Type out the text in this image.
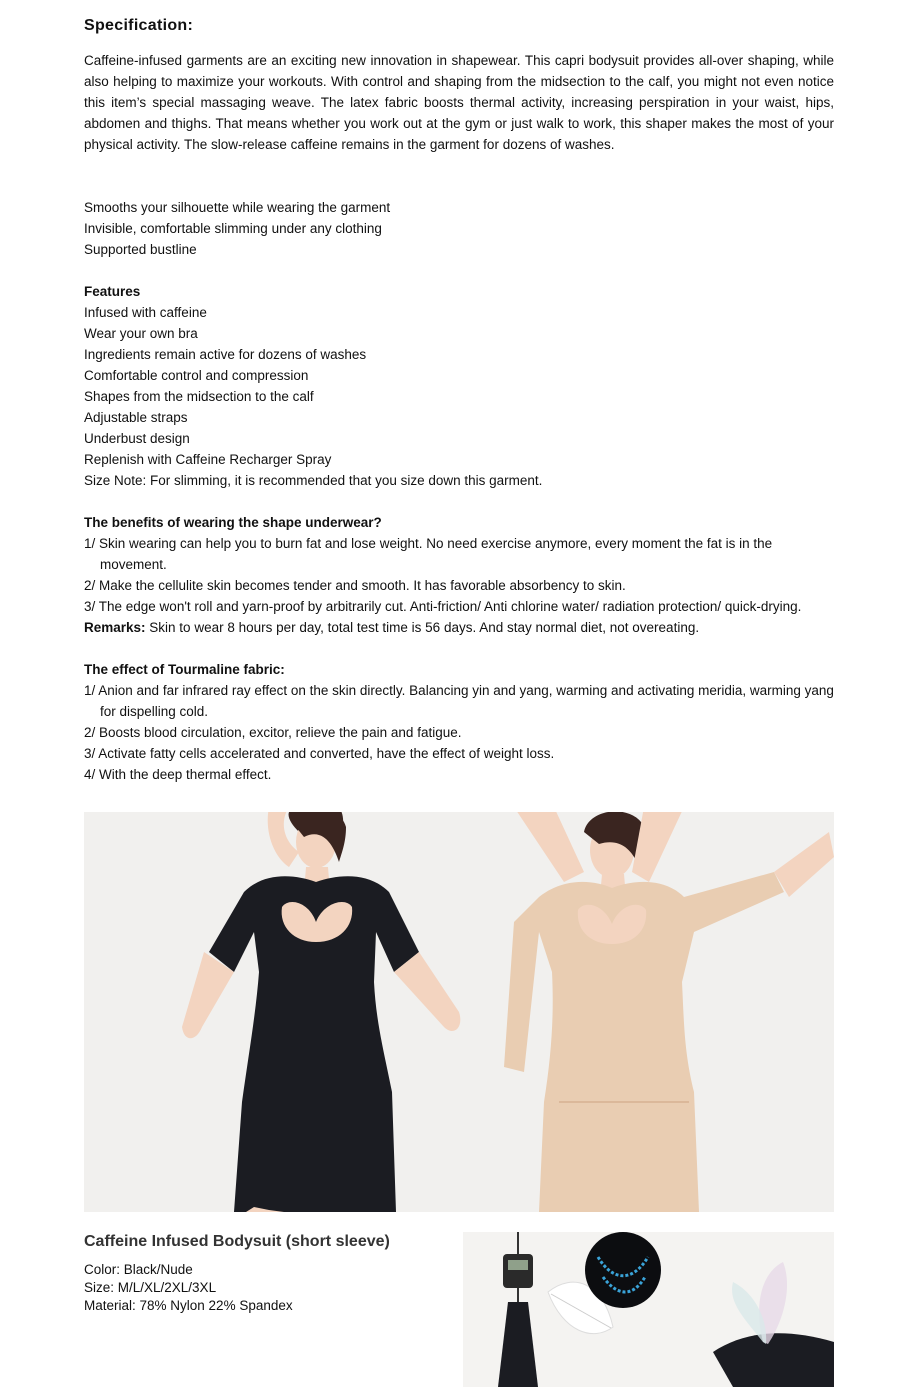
Specification:

Caffeine-infused garments are an exciting new innovation in shapewear. This capri bodysuit provides all-over shaping, while also helping to maximize your workouts. With control and shaping from the midsection to the calf, you might not even notice this item’s special massaging weave. The latex fabric boosts thermal activity, increasing perspiration in your waist, hips, abdomen and thighs. That means whether you work out at the gym or just walk to work, this shaper makes the most of your physical activity. The slow-release caffeine remains in the garment for dozens of washes.

Smooths your silhouette while wearing the garment

Invisible, comfortable slimming under any clothing

Supported bustline

Features

Infused with caffeine

Wear your own bra

Ingredients remain active for dozens of washes

Comfortable control and compression

Shapes from the midsection to the calf

Adjustable straps

Underbust design

Replenish with Caffeine Recharger Spray

Size Note: For slimming, it is recommended that you size down this garment.

The benefits of wearing the shape underwear?

1/ Skin wearing can help you to burn fat and lose weight. No need exercise anymore, every moment the fat is in the movement.

2/ Make the cellulite skin becomes tender and smooth. It has favorable absorbency to skin.

3/ The edge won't roll and yarn-proof by arbitrarily cut. Anti-friction/ Anti chlorine water/ radiation protection/ quick-drying.

Remarks: Skin to wear 8 hours per day, total test time is 56 days. And stay normal diet, not overeating.

The effect of Tourmaline fabric:

1/ Anion and far infrared ray effect on the skin directly. Balancing yin and yang, warming and activating meridia, warming yang for dispelling cold.

2/ Boosts blood circulation, excitor, relieve the pain and fatigue.

3/ Activate fatty cells accelerated and converted, have the effect of weight loss.

4/ With the deep thermal effect.

Caffeine Infused Bodysuit (short sleeve)
Color: Black/Nude
Size: M/L/XL/2XL/3XL
Material: 78% Nylon 22% Spandex
